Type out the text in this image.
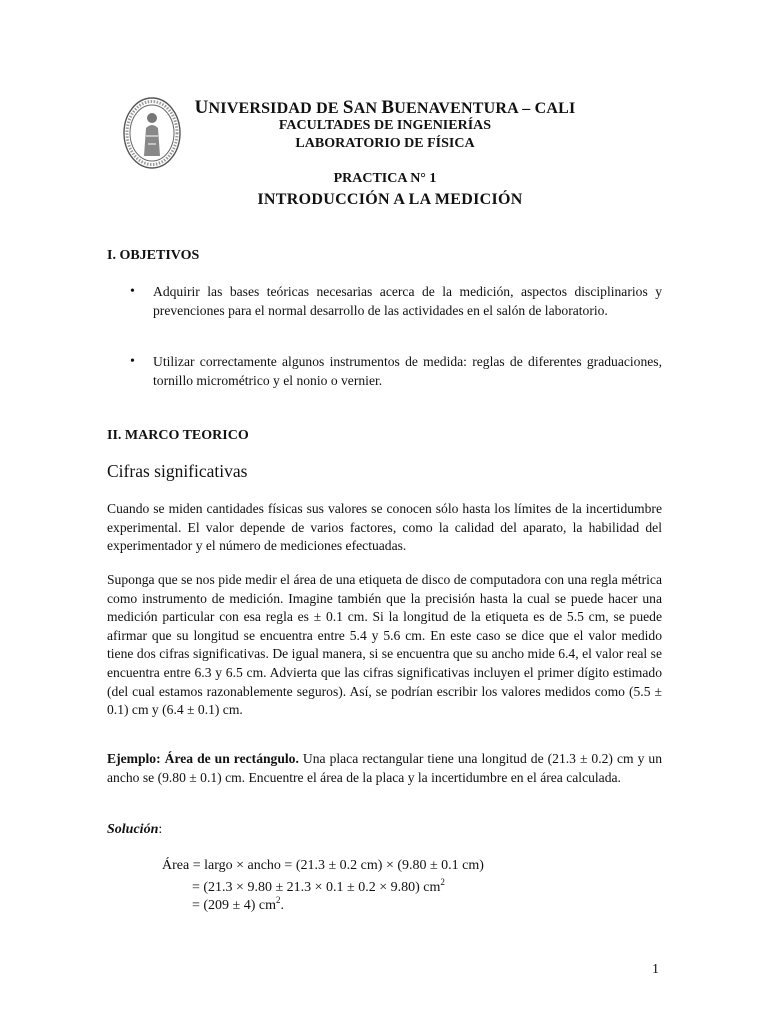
UNIVERSIDAD DE SAN BUENAVENTURA – CALI
FACULTADES DE INGENIERÍAS
LABORATORIO DE FÍSICA
PRACTICA N° 1
INTRODUCCIÓN A LA MEDICIÓN
I. OBJETIVOS
• Adquirir las bases teóricas necesarias acerca de la medición, aspectos disciplinarios y prevenciones para el normal desarrollo de las actividades en el salón de laboratorio.
• Utilizar correctamente algunos instrumentos de medida: reglas de diferentes graduaciones, tornillo micrométrico y el nonio o vernier.
II. MARCO TEORICO
Cifras significativas
Cuando se miden cantidades físicas sus valores se conocen sólo hasta los límites de la incertidumbre experimental. El valor depende de varios factores, como la calidad del aparato, la habilidad del experimentador y el número de mediciones efectuadas.
Suponga que se nos pide medir el área de una etiqueta de disco de computadora con una regla métrica como instrumento de medición. Imagine también que la precisión hasta la cual se puede hacer una medición particular con esa regla es ± 0.1 cm. Si la longitud de la etiqueta es de 5.5 cm, se puede afirmar que su longitud se encuentra entre 5.4 y 5.6 cm. En este caso se dice que el valor medido tiene dos cifras significativas. De igual manera, si se encuentra que su ancho mide 6.4, el valor real se encuentra entre 6.3 y 6.5 cm. Advierta que las cifras significativas incluyen el primer dígito estimado (del cual estamos razonablemente seguros). Así, se podrían escribir los valores medidos como (5.5 ± 0.1) cm y (6.4 ± 0.1) cm.
Ejemplo: Área de un rectángulo. Una placa rectangular tiene una longitud de (21.3 ± 0.2) cm y un ancho se (9.80 ± 0.1) cm. Encuentre el área de la placa y la incertidumbre en el área calculada.
Solución:
Área = largo × ancho = (21.3 ± 0.2 cm) × (9.80 ± 0.1 cm)
= (21.3 × 9.80 ± 21.3 × 0.1 ± 0.2 × 9.80) $cm^2$
= (209 ± 4) $cm^2$.
1
